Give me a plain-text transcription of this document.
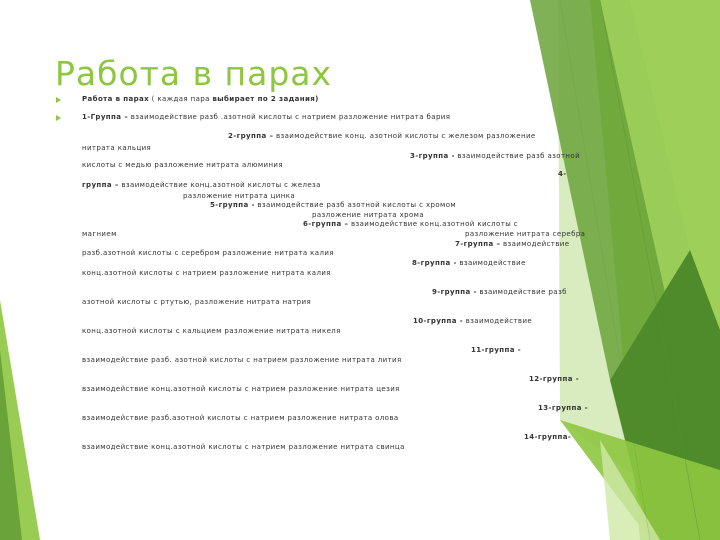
Работа в парах
Работа в парах ( каждая пара выбирает по 2 задания)
1-Группа – взаимодействие разб .азотной кислоты с натрием разложение нитрата бария
нитрата кальция
2-группа – взаимодействие конц. азотной кислоты с железом разложение
кислоты с медью разложение нитрата алюминия
3-группа - взаимодействие разб азотной
4-
группа – взаимодействие конц.азотной кислоты с железа
разложение нитрата цинка
5-группа - взаимодействие разб азотной кислоты с хромом
разложение нитрата хрома
6-группа – взаимодействие конц.азотной кислоты с
магнием	разложение нитрата серебра
7-группа – взаимодействие
разб.азотной кислоты с серебром разложение нитрата калия
8-группа - взаимодействие
конц.азотной кислоты с натрием разложение нитрата калия
9-группа - взаимодействие разб
азотной кислоты с ртутью, разложение нитрата натрия
10-группа - взаимодействие
конц.азотной кислоты с кальцием разложение нитрата никеля
11-группа -
взаимодействие разб. азотной кислоты с натрием разложение нитрата лития
12-группа -
взаимодействие конц.азотной кислоты с натрием разложение нитрата цезия
13-группа -
взаимодействие разб.азотной кислоты с натрием разложение нитрата олова
14-группа-
взаимодействие конц.азотной кислоты с натрием разложение нитрата свинца
